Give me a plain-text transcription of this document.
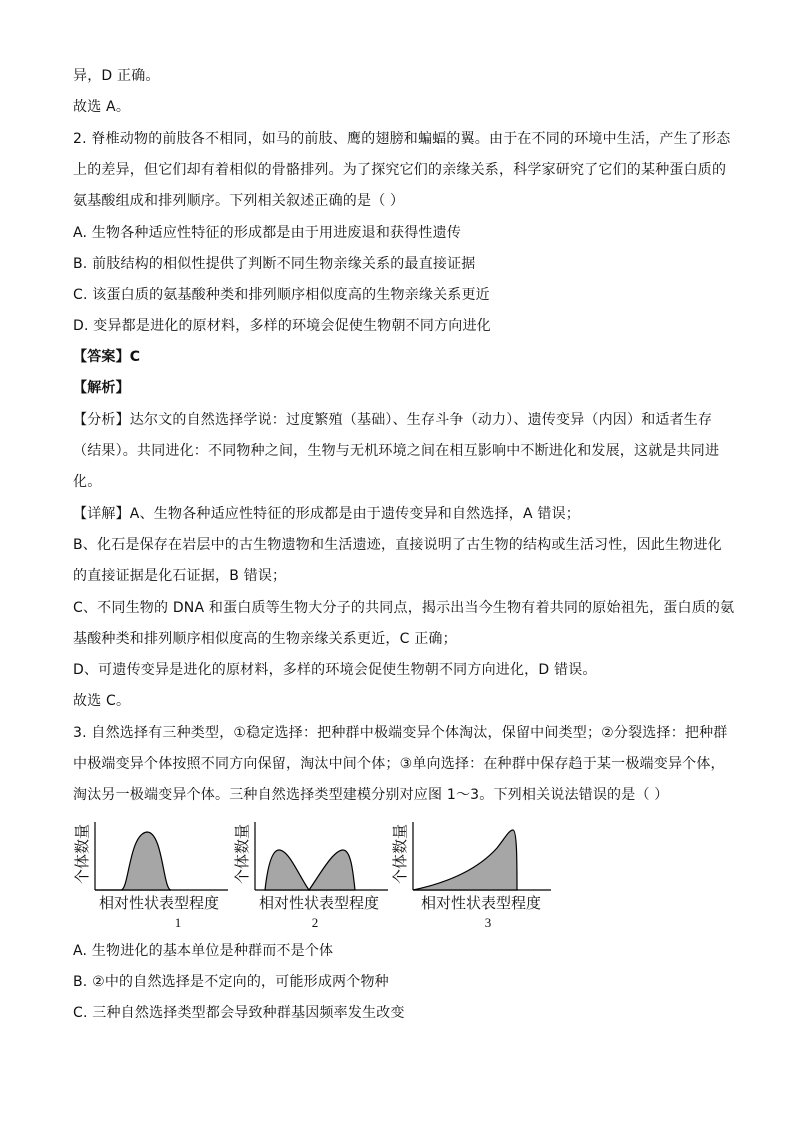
异，D 正确。
故选 A。
2. 脊椎动物的前肢各不相同，如马的前肢、鹰的翅膀和蝙蝠的翼。由于在不同的环境中生活，产生了形态
上的差异，但它们却有着相似的骨骼排列。为了探究它们的亲缘关系，科学家研究了它们的某种蛋白质的
氨基酸组成和排列顺序。下列相关叙述正确的是（ ）
A. 生物各种适应性特征的形成都是由于用进废退和获得性遗传
B. 前肢结构的相似性提供了判断不同生物亲缘关系的最直接证据
C. 该蛋白质的氨基酸种类和排列顺序相似度高的生物亲缘关系更近
D. 变异都是进化的原材料，多样的环境会促使生物朝不同方向进化
【答案】C
【解析】
【分析】达尔文的自然选择学说：过度繁殖（基础）、生存斗争（动力）、遗传变异（内因）和适者生存
（结果）。共同进化：不同物种之间，生物与无机环境之间在相互影响中不断进化和发展，这就是共同进
化。
【详解】A、生物各种适应性特征的形成都是由于遗传变异和自然选择，A 错误；
B、化石是保存在岩层中的古生物遗物和生活遗迹，直接说明了古生物的结构或生活习性，因此生物进化
的直接证据是化石证据，B 错误；
C、不同生物的 DNA 和蛋白质等生物大分子的共同点，揭示出当今生物有着共同的原始祖先，蛋白质的氨
基酸种类和排列顺序相似度高的生物亲缘关系更近，C 正确；
D、可遗传变异是进化的原材料，多样的环境会促使生物朝不同方向进化，D 错误。
故选 C。
3. 自然选择有三种类型，①稳定选择：把种群中极端变异个体淘汰，保留中间类型；②分裂选择：把种群
中极端变异个体按照不同方向保留，淘汰中间个体；③单向选择：在种群中保存趋于某一极端变异个体，
淘汰另一极端变异个体。三种自然选择类型建模分别对应图 1～3。下列相关说法错误的是（ ）
个体数量
相对性状表型程度
1
个体数量
相对性状表型程度
2
个体数量
相对性状表型程度
3
A. 生物进化的基本单位是种群而不是个体
B. ②中的自然选择是不定向的，可能形成两个物种
C. 三种自然选择类型都会导致种群基因频率发生改变
